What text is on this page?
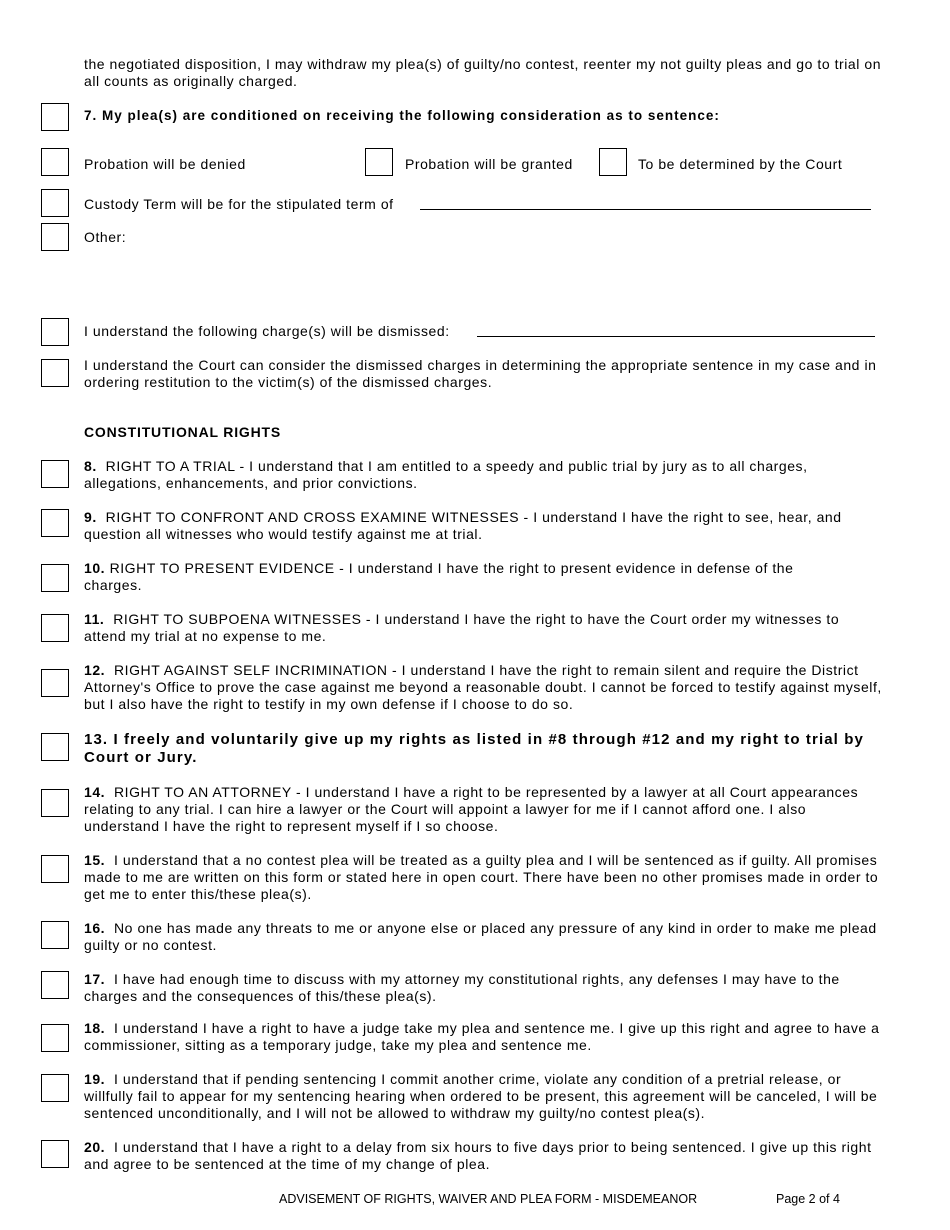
the negotiated disposition, I may withdraw my plea(s) of guilty/no contest, reenter my not guilty pleas and go to trial on all counts as originally charged.
7. My plea(s) are conditioned on receiving the following consideration as to sentence:
Probation will be denied	Probation will be granted	To be determined by the Court
Custody Term will be for the stipulated term of
Other:
I understand the following charge(s) will be dismissed:
I understand the Court can consider the dismissed charges in determining the appropriate sentence in my case and in ordering restitution to the victim(s) of the dismissed charges.
CONSTITUTIONAL RIGHTS
8. RIGHT TO A TRIAL - I understand that I am entitled to a speedy and public trial by jury as to all charges, allegations, enhancements, and prior convictions.
9. RIGHT TO CONFRONT AND CROSS EXAMINE WITNESSES - I understand I have the right to see, hear, and question all witnesses who would testify against me at trial.
10. RIGHT TO PRESENT EVIDENCE - I understand I have the right to present evidence in defense of the charges.
11. RIGHT TO SUBPOENA WITNESSES - I understand I have the right to have the Court order my witnesses to attend my trial at no expense to me.
12. RIGHT AGAINST SELF INCRIMINATION - I understand I have the right to remain silent and require the District Attorney's Office to prove the case against me beyond a reasonable doubt. I cannot be forced to testify against myself, but I also have the right to testify in my own defense if I choose to do so.
13. I freely and voluntarily give up my rights as listed in #8 through #12 and my right to trial by Court or Jury.
14. RIGHT TO AN ATTORNEY - I understand I have a right to be represented by a lawyer at all Court appearances relating to any trial. I can hire a lawyer or the Court will appoint a lawyer for me if I cannot afford one. I also understand I have the right to represent myself if I so choose.
15. I understand that a no contest plea will be treated as a guilty plea and I will be sentenced as if guilty. All promises made to me are written on this form or stated here in open court. There have been no other promises made in order to get me to enter this/these plea(s).
16. No one has made any threats to me or anyone else or placed any pressure of any kind in order to make me plead guilty or no contest.
17. I have had enough time to discuss with my attorney my constitutional rights, any defenses I may have to the charges and the consequences of this/these plea(s).
18. I understand I have a right to have a judge take my plea and sentence me. I give up this right and agree to have a commissioner, sitting as a temporary judge, take my plea and sentence me.
19. I understand that if pending sentencing I commit another crime, violate any condition of a pretrial release, or willfully fail to appear for my sentencing hearing when ordered to be present, this agreement will be canceled, I will be sentenced unconditionally, and I will not be allowed to withdraw my guilty/no contest plea(s).
20. I understand that I have a right to a delay from six hours to five days prior to being sentenced. I give up this right and agree to be sentenced at the time of my change of plea.
ADVISEMENT OF RIGHTS, WAIVER AND PLEA FORM - MISDEMEANOR	Page 2 of 4
